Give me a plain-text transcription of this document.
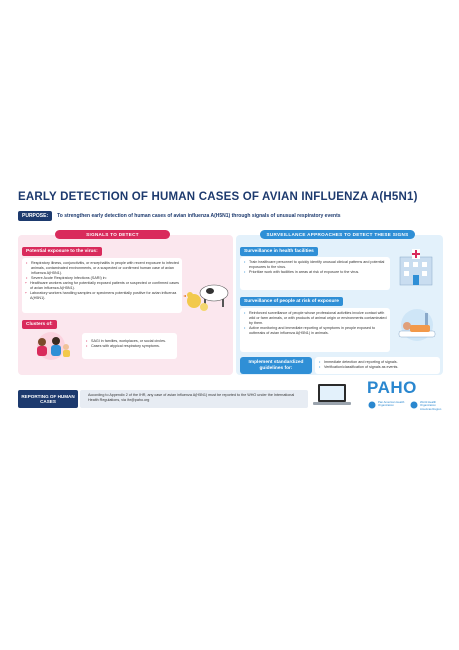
EARLY DETECTION OF HUMAN CASES OF AVIAN INFLUENZA A(H5N1)
PURPOSE:	To strengthen early detection of human cases of avian influenza A(H5N1) through signals of unusual respiratory events
SIGNALS TO DETECT	SURVEILLANCE APPROACHES TO DETECT THESE SIGNS
Potential exposure to the virus:
• Respiratory illness, conjunctivitis, or encephalitis in people with recent exposure to infected animals, contaminated environments, or a suspected or confirmed human case of avian influenza A(H5N1).
• Severe Acute Respiratory Infections (SARI) in:
‣ Healthcare workers caring for potentially exposed patients or suspected or confirmed cases of avian influenza A(H5N1).
‣ Laboratory workers handling samples or specimens potentially positive for avian influenza A(H5N1).
Clusters of:
• SAGI in families, workplaces, or social circles.
• Cases with atypical respiratory symptoms.
Surveillance in health facilities
• Train healthcare personnel to quickly identify unusual clinical patterns and potential exposures to the virus.
• Prioritize work with facilities in areas at risk of exposure to the virus.
Surveillance of people at risk of exposure
• Reinforced surveillance of people whose professional activities involve contact with wild or farm animals, or with products of animal origin or environments contaminated by them.
• Active monitoring and immediate reporting of symptoms in people exposed to outbreaks of avian influenza A(H5N1) in animals.
Implement standardized guidelines for:
• Immediate detection and reporting of signals.
• Verification/classification of signals as events.
REPORTING OF HUMAN CASES
According to Appendix 2 of the IHR, any case of avian influenza A(H5N1) must be reported to the WHO under the International Health Regulations, via ihr@paho.org
PAHO
Pan American Health Organization
World Health Organization Americas Region
